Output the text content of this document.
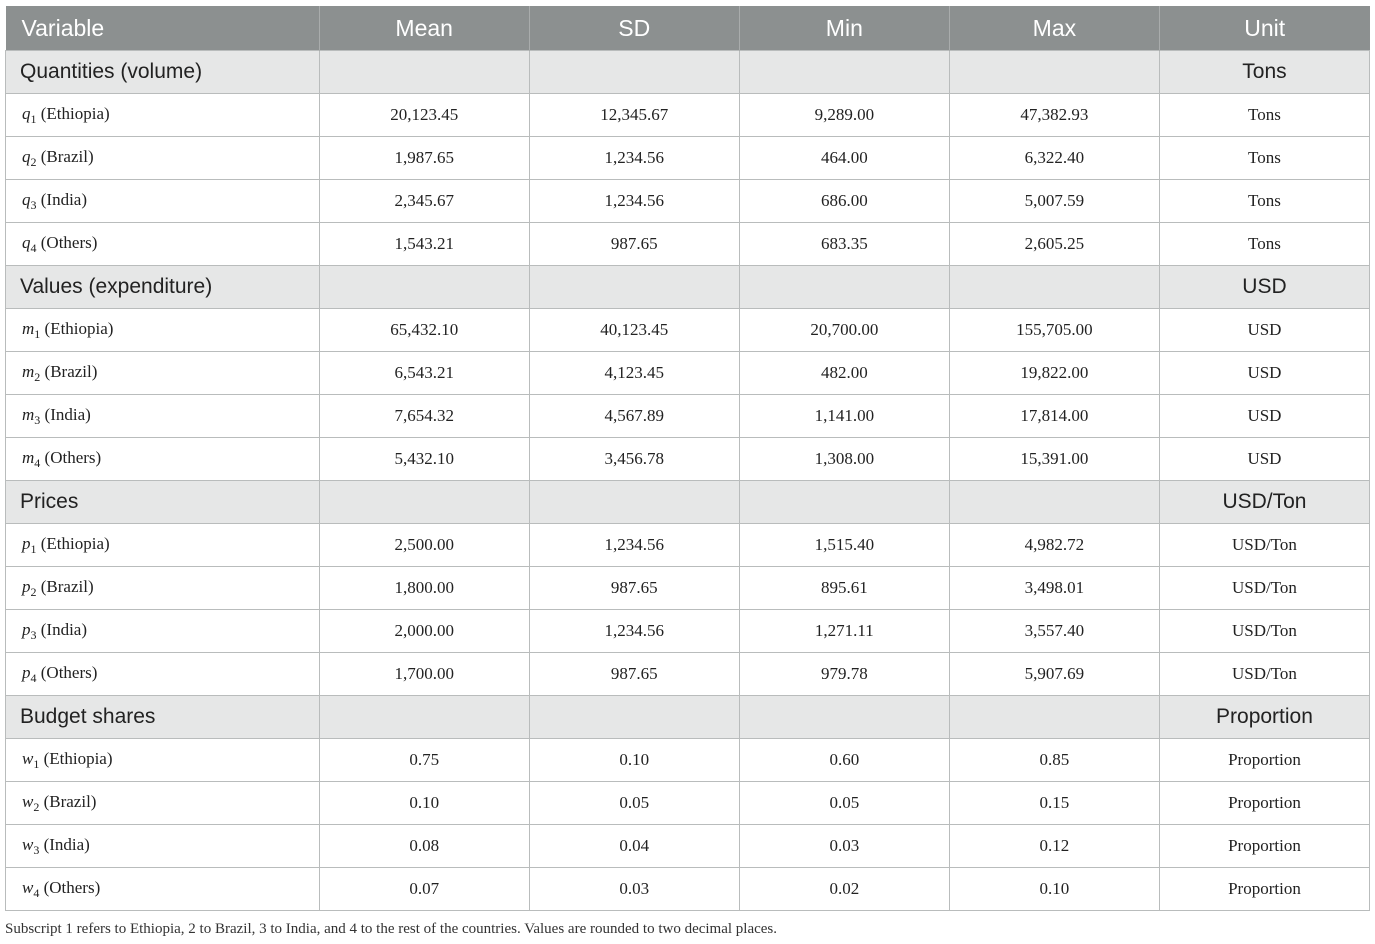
Variable	Mean	SD	Min	Max	Unit
Quantities (volume)					Tons
$q_1$ (Ethiopia)	20,123.45	12,345.67	9,289.00	47,382.93	Tons
$q_2$ (Brazil)	1,987.65	1,234.56	464.00	6,322.40	Tons
$q_3$ (India)	2,345.67	1,234.56	686.00	5,007.59	Tons
$q_4$ (Others)	1,543.21	987.65	683.35	2,605.25	Tons
Values (expenditure)					USD
$m_1$ (Ethiopia)	65,432.10	40,123.45	20,700.00	155,705.00	USD
$m_2$ (Brazil)	6,543.21	4,123.45	482.00	19,822.00	USD
$m_3$ (India)	7,654.32	4,567.89	1,141.00	17,814.00	USD
$m_4$ (Others)	5,432.10	3,456.78	1,308.00	15,391.00	USD
Prices					USD/Ton
$p_1$ (Ethiopia)	2,500.00	1,234.56	1,515.40	4,982.72	USD/Ton
$p_2$ (Brazil)	1,800.00	987.65	895.61	3,498.01	USD/Ton
$p_3$ (India)	2,000.00	1,234.56	1,271.11	3,557.40	USD/Ton
$p_4$ (Others)	1,700.00	987.65	979.78	5,907.69	USD/Ton
Budget shares					Proportion
$w_1$ (Ethiopia)	0.75	0.10	0.60	0.85	Proportion
$w_2$ (Brazil)	0.10	0.05	0.05	0.15	Proportion
$w_3$ (India)	0.08	0.04	0.03	0.12	Proportion
$w_4$ (Others)	0.07	0.03	0.02	0.10	Proportion
Subscript 1 refers to Ethiopia, 2 to Brazil, 3 to India, and 4 to the rest of the countries. Values are rounded to two decimal places.
